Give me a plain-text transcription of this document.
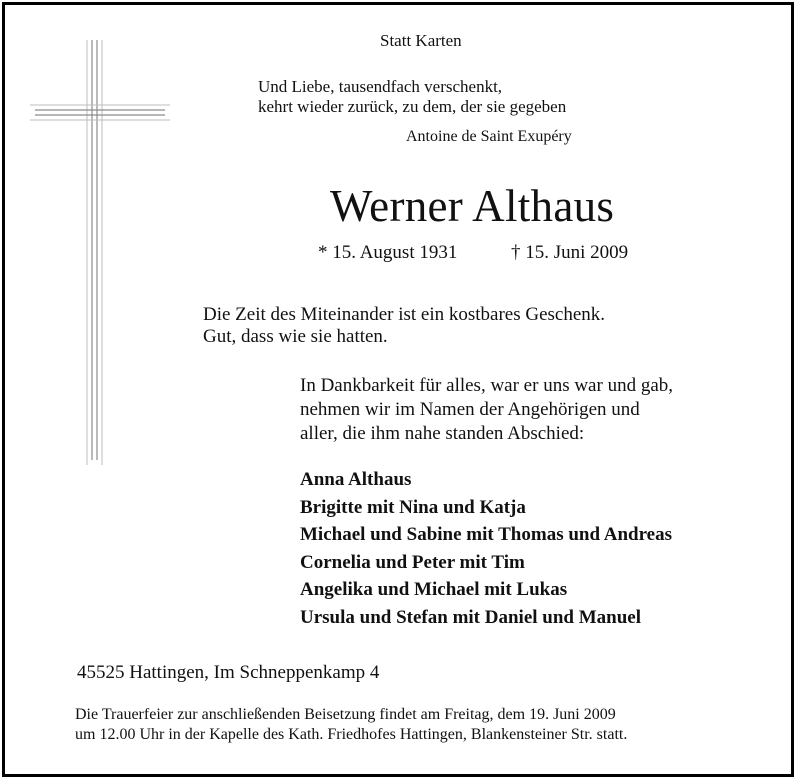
Statt Karten
Und Liebe, tausendfach verschenkt,
kehrt wieder zurück, zu dem, der sie gegeben
Antoine de Saint Exupéry
Werner Althaus
* 15. August 1931	† 15. Juni 2009
Die Zeit des Miteinander ist ein kostbares Geschenk.
Gut, dass wie sie hatten.
In Dankbarkeit für alles, war er uns war und gab,
nehmen wir im Namen der Angehörigen und
aller, die ihm nahe standen Abschied:
Anna Althaus
Brigitte mit Nina und Katja
Michael und Sabine mit Thomas und Andreas
Cornelia und Peter mit Tim
Angelika und Michael mit Lukas
Ursula und Stefan mit Daniel und Manuel
45525 Hattingen, Im Schneppenkamp 4
Die Trauerfeier zur anschließenden Beisetzung findet am Freitag, dem 19. Juni 2009
um 12.00 Uhr in der Kapelle des Kath. Friedhofes Hattingen, Blankensteiner Str. statt.
